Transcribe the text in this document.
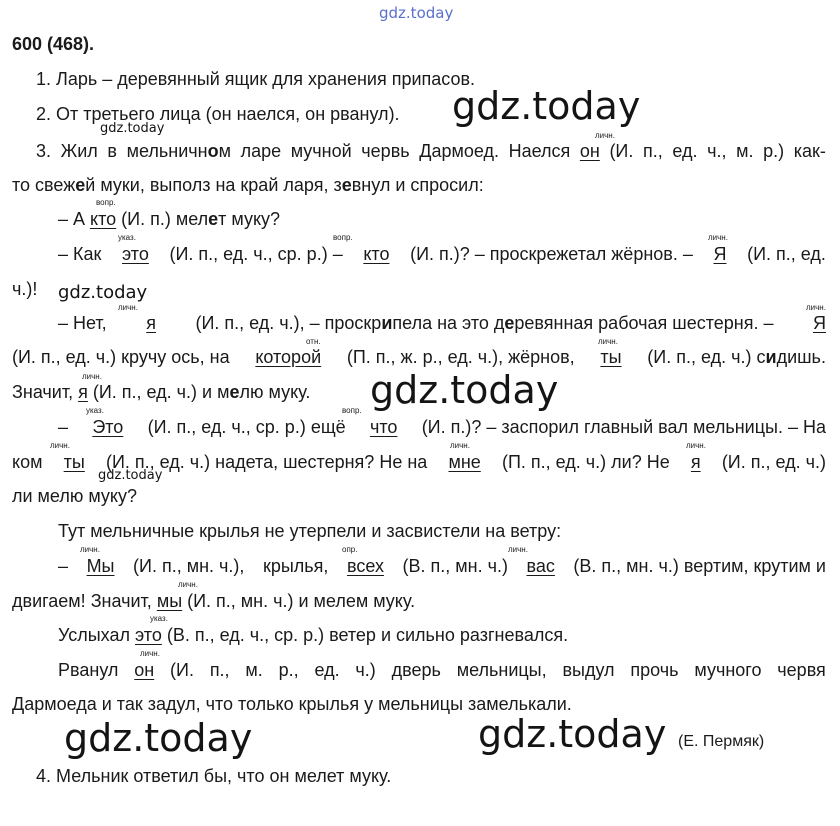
gdz.today
600 (468).
1. Ларь – деревянный ящик для хранения припасов.
2. От третьего лица (он наелся, он рванул).
3. Жил в мельничном ларе мучной червь Дармоед. Наелся он (И. п., ед. ч., м. р.) как-
то свежей муки, выполз на край ларя, зевнул и спросил:
– А кто (И. п.) мелет муку?
– Как это (И. п., ед. ч., ср. р.) – кто (И. п.)? – проскрежетал жёрнов. – Я (И. п., ед.
ч.)!
– Нет, я (И. п., ед. ч.), – проскрипела на это деревянная рабочая шестерня. – Я
(И. п., ед. ч.) кручу ось, на которой (П. п., ж. р., ед. ч.), жёрнов, ты (И. п., ед. ч.) сидишь.
Значит, я (И. п., ед. ч.) и мелю муку.
– Это (И. п., ед. ч., ср. р.) ещё что (И. п.)? – заспорил главный вал мельницы. – На
ком ты (И. п., ед. ч.) надета, шестерня? Не на мне (П. п., ед. ч.) ли? Не я (И. п., ед. ч.)
ли мелю муку?
Тут мельничные крылья не утерпели и засвистели на ветру:
– Мы (И. п., мн. ч.), крылья, всех (В. п., мн. ч.) вас (В. п., мн. ч.) вертим, крутим и
двигаем! Значит, мы (И. п., мн. ч.) и мелем муку.
Услыхал это (В. п., ед. ч., ср. р.) ветер и сильно разгневался.
Рванул он (И. п., м. р., ед. ч.) дверь мельницы, выдул прочь мучного червя
Дармоеда и так задул, что только крылья у мельницы замелькали.
(Е. Пермяк)
4. Мельник ответил бы, что он мелет муку.
личн.
вопр.
указ.	вопр.	личн.
личн.	личн.
отн.	личн.
личн.
указ.	вопр.
личн.	личн.	личн.
личн.	опр.	личн.
личн.
указ.
личн.
gdz.today
gdz.today
gdz.today
gdz.today
gdz.today
gdz.today	gdz.today
